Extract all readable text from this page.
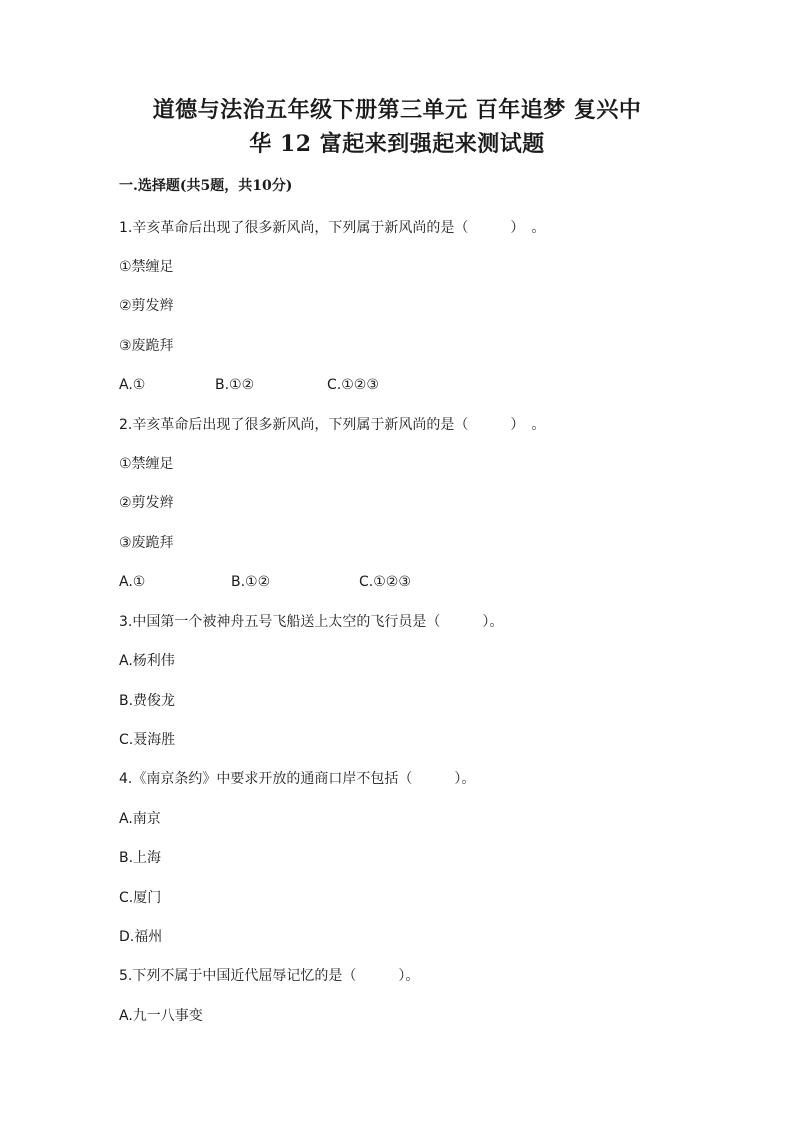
道德与法治五年级下册第三单元 百年追梦 复兴中
华 12 富起来到强起来测试题
一.选择题(共5题，共10分)
1.辛亥革命后出现了很多新风尚，下列属于新风尚的是（　　　）　。
①禁缠足
②剪发辫
③废跪拜
A.①	B.①②	C.①②③
2.辛亥革命后出现了很多新风尚，下列属于新风尚的是（　　　）　。
①禁缠足
②剪发辫
③废跪拜
A.①	B.①②	C.①②③
3.中国第一个被神舟五号飞船送上太空的飞行员是（　　　）。
A.杨利伟
B.费俊龙
C.聂海胜
4.《南京条约》中要求开放的通商口岸不包括（　　　）。
A.南京
B.上海
C.厦门
D.福州
5.下列不属于中国近代屈辱记忆的是（　　　）。
A.九一八事变
